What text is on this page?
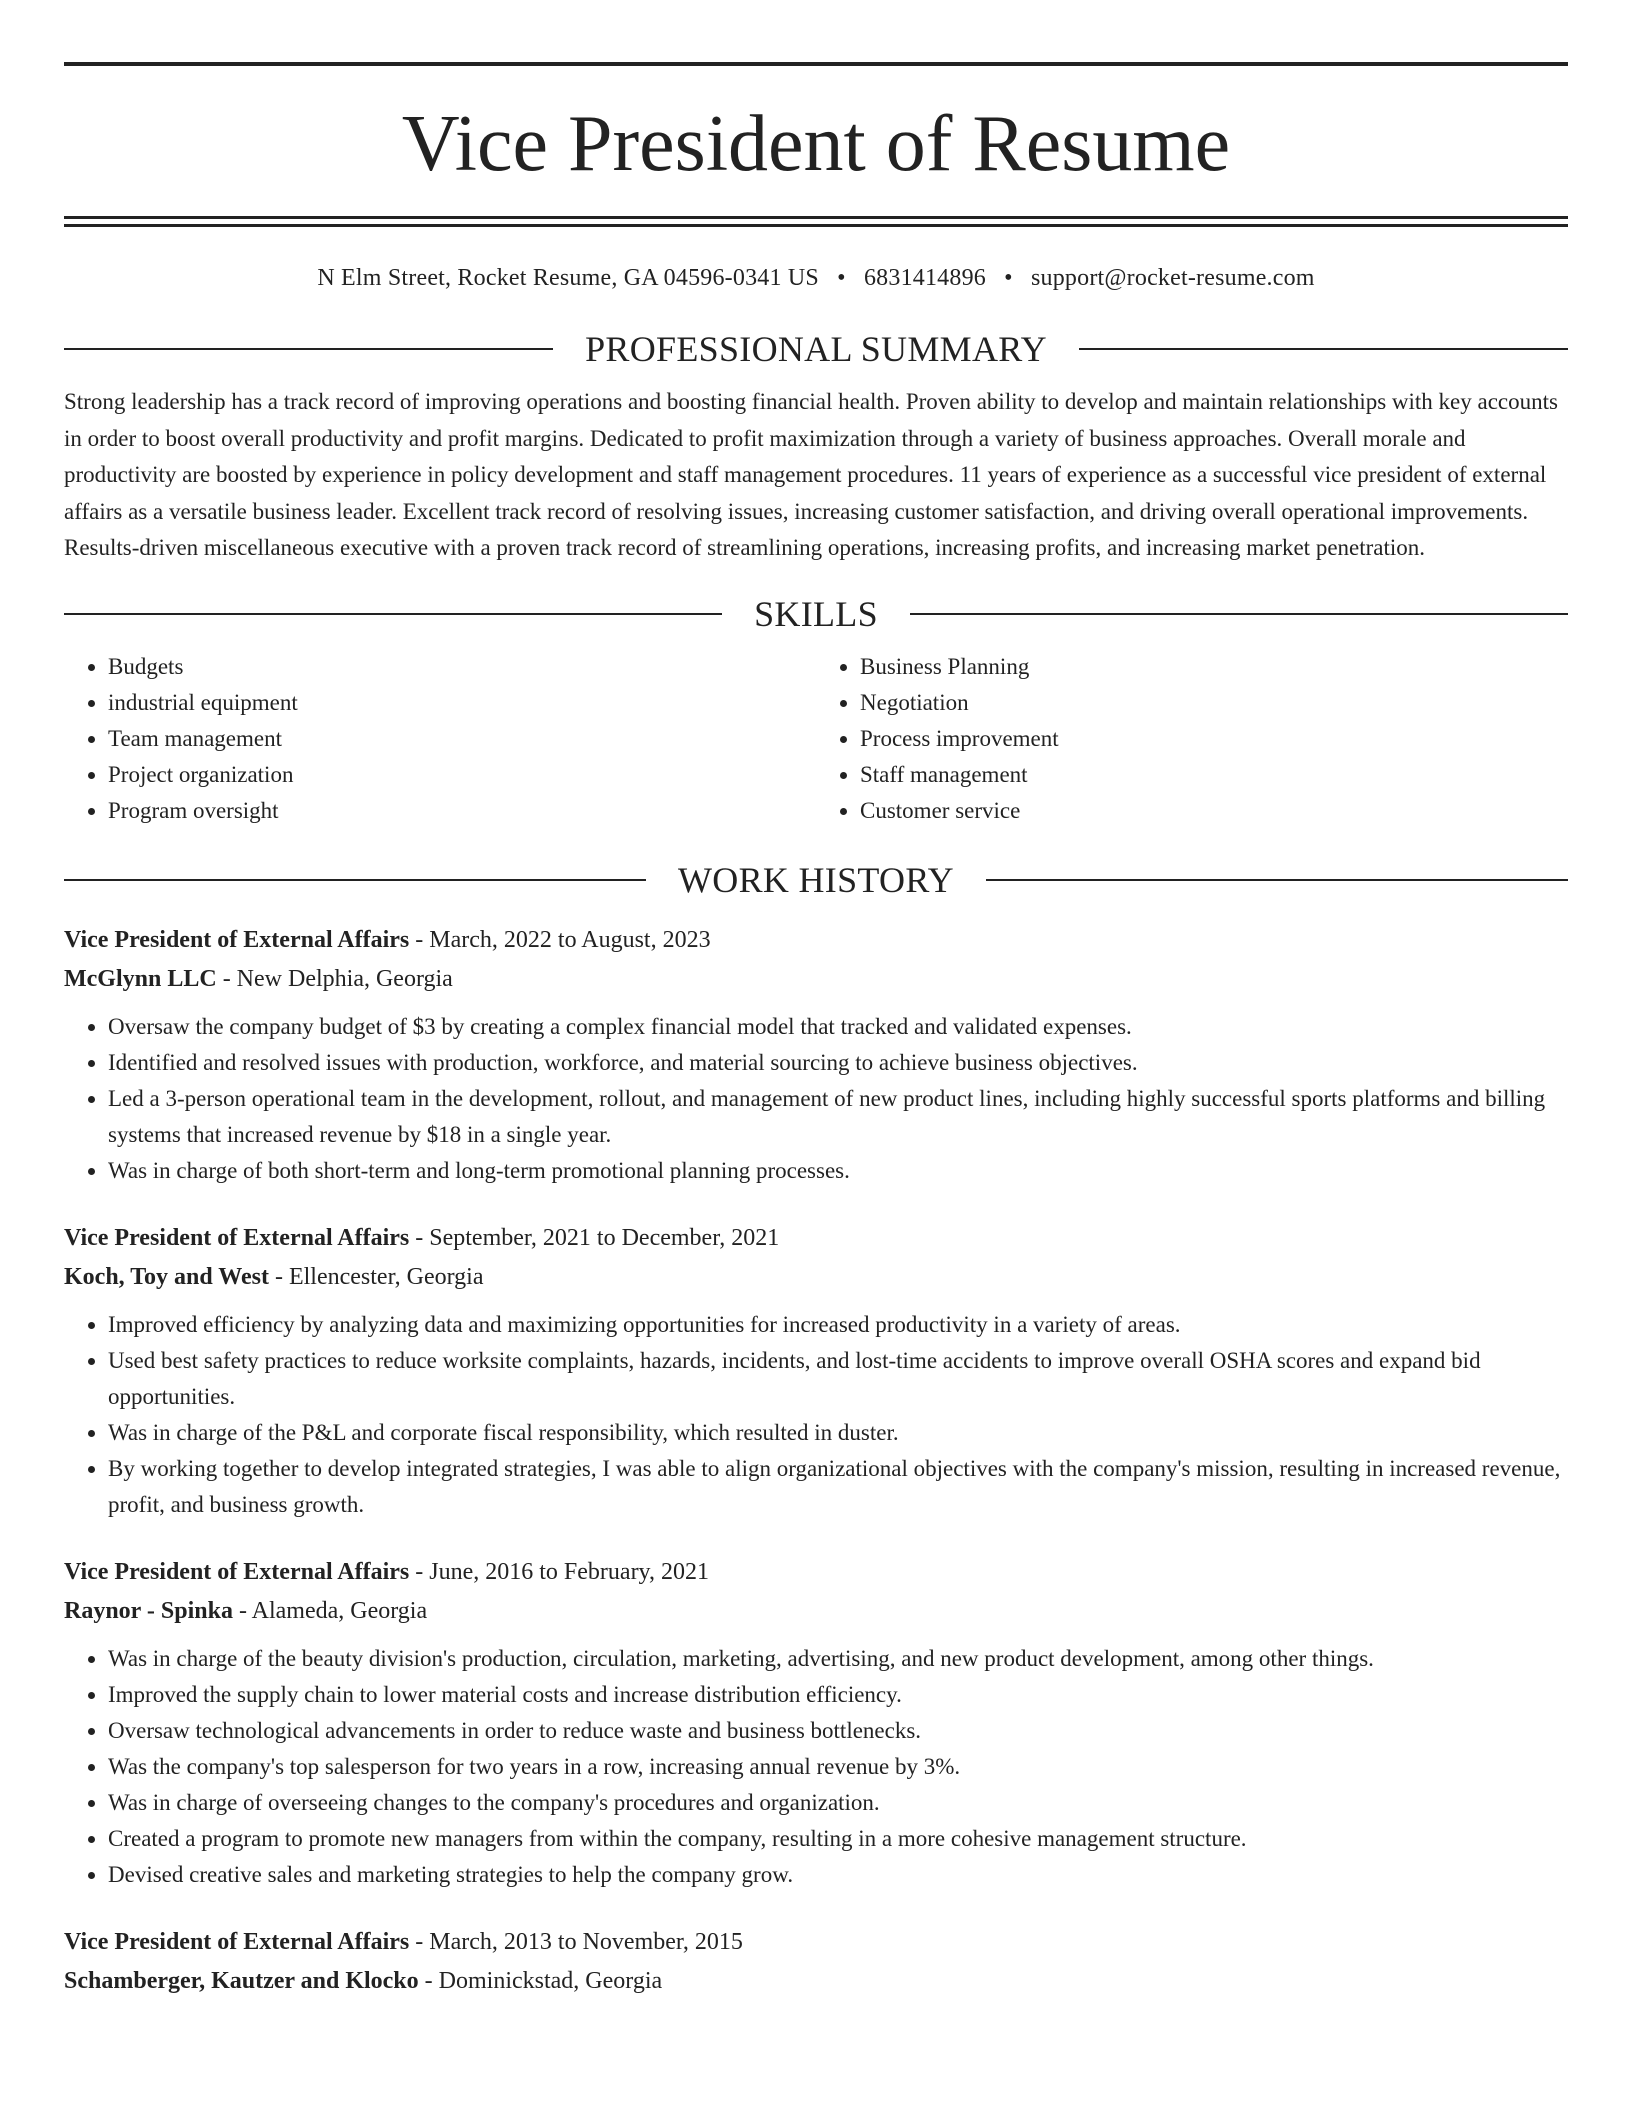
Vice President of Resume
N Elm Street, Rocket Resume, GA 04596-0341 US • 6831414896 • support@rocket-resume.com
PROFESSIONAL SUMMARY

Strong leadership has a track record of improving operations and boosting financial health. Proven ability to develop and maintain relationships with key accounts in order to boost overall productivity and profit margins. Dedicated to profit maximization through a variety of business approaches. Overall morale and productivity are boosted by experience in policy development and staff management procedures. 11 years of experience as a successful vice president of external affairs as a versatile business leader. Excellent track record of resolving issues, increasing customer satisfaction, and driving overall operational improvements. Results-driven miscellaneous executive with a proven track record of streamlining operations, increasing profits, and increasing market penetration.

SKILLS
• Budgets
• industrial equipment
• Team management
• Project organization
• Program oversight
• Business Planning
• Negotiation
• Process improvement
• Staff management
• Customer service
WORK HISTORY
Vice President of External Affairs - March, 2022 to August, 2023
McGlynn LLC - New Delphia, Georgia
• Oversaw the company budget of $3 by creating a complex financial model that tracked and validated expenses.
• Identified and resolved issues with production, workforce, and material sourcing to achieve business objectives.
• Led a 3-person operational team in the development, rollout, and management of new product lines, including highly successful sports platforms and billing systems that increased revenue by $18 in a single year.
• Was in charge of both short-term and long-term promotional planning processes.
Vice President of External Affairs - September, 2021 to December, 2021
Koch, Toy and West - Ellencester, Georgia
• Improved efficiency by analyzing data and maximizing opportunities for increased productivity in a variety of areas.
• Used best safety practices to reduce worksite complaints, hazards, incidents, and lost-time accidents to improve overall OSHA scores and expand bid opportunities.
• Was in charge of the P&L and corporate fiscal responsibility, which resulted in duster.
• By working together to develop integrated strategies, I was able to align organizational objectives with the company's mission, resulting in increased revenue, profit, and business growth.
Vice President of External Affairs - June, 2016 to February, 2021
Raynor - Spinka - Alameda, Georgia
• Was in charge of the beauty division's production, circulation, marketing, advertising, and new product development, among other things.
• Improved the supply chain to lower material costs and increase distribution efficiency.
• Oversaw technological advancements in order to reduce waste and business bottlenecks.
• Was the company's top salesperson for two years in a row, increasing annual revenue by 3%.
• Was in charge of overseeing changes to the company's procedures and organization.
• Created a program to promote new managers from within the company, resulting in a more cohesive management structure.
• Devised creative sales and marketing strategies to help the company grow.
Vice President of External Affairs - March, 2013 to November, 2015
Schamberger, Kautzer and Klocko - Dominickstad, Georgia
